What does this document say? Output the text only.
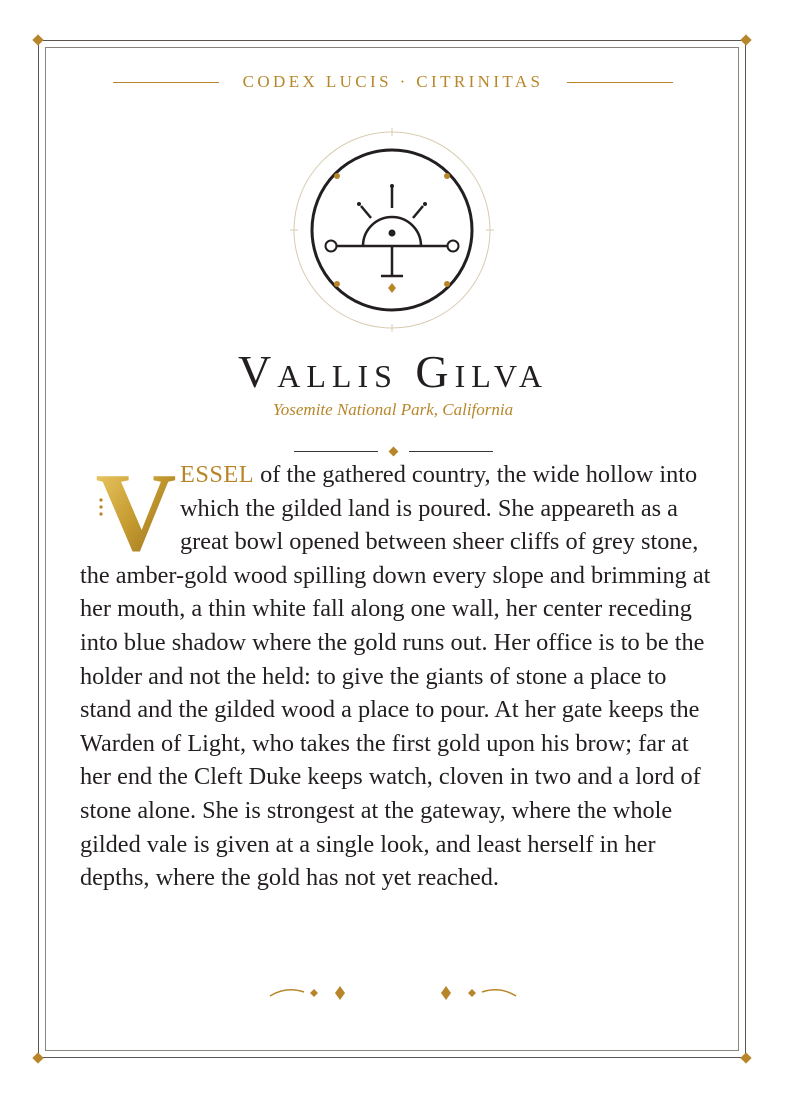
CODEX LUCIS · CITRINITAS
Vallis Gilva
Yosemite National Park, California
V ESSEL of the gathered country, the wide hollow into which the gilded land is poured. She appeareth as a great bowl opened between sheer cliffs of grey stone, the amber-gold wood spilling down every slope and brimming at her mouth, a thin white fall along one wall, her center receding into blue shadow where the gold runs out. Her office is to be the holder and not the held: to give the giants of stone a place to stand and the gilded wood a place to pour. At her gate keeps the Warden of Light, who takes the first gold upon his brow; far at her end the Cleft Duke keeps watch, cloven in two and a lord of stone alone. She is strongest at the gateway, where the whole gilded vale is given at a single look, and least herself in her depths, where the gold has not yet reached.
